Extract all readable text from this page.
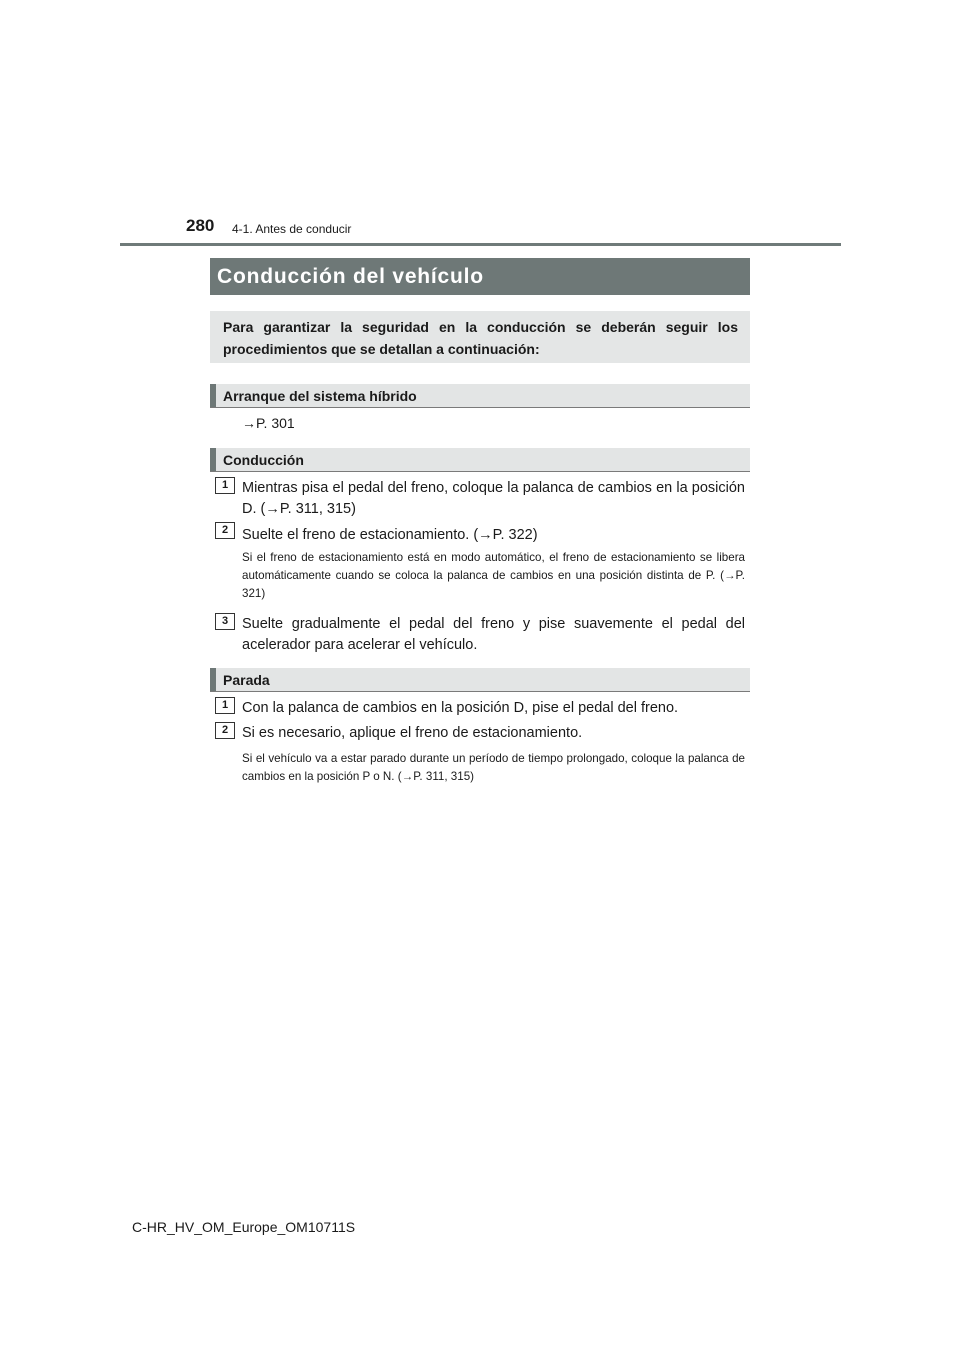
280 4-1. Antes de conducir
Conducción del vehículo
Para garantizar la seguridad en la conducción se deberán seguir los procedimientos que se detallan a continuación:
Arranque del sistema híbrido
→P. 301
Conducción
1 Mientras pisa el pedal del freno, coloque la palanca de cambios en la posición D. (→P. 311, 315)
2 Suelte el freno de estacionamiento. (→P. 322)
Si el freno de estacionamiento está en modo automático, el freno de estacionamiento se libera automáticamente cuando se coloca la palanca de cambios en una posición distinta de P. (→P. 321)
3 Suelte gradualmente el pedal del freno y pise suavemente el pedal del acelerador para acelerar el vehículo.
Parada
1 Con la palanca de cambios en la posición D, pise el pedal del freno.
2 Si es necesario, aplique el freno de estacionamiento.
Si el vehículo va a estar parado durante un período de tiempo prolongado, coloque la palanca de cambios en la posición P o N. (→P. 311, 315)
C-HR_HV_OM_Europe_OM10711S
